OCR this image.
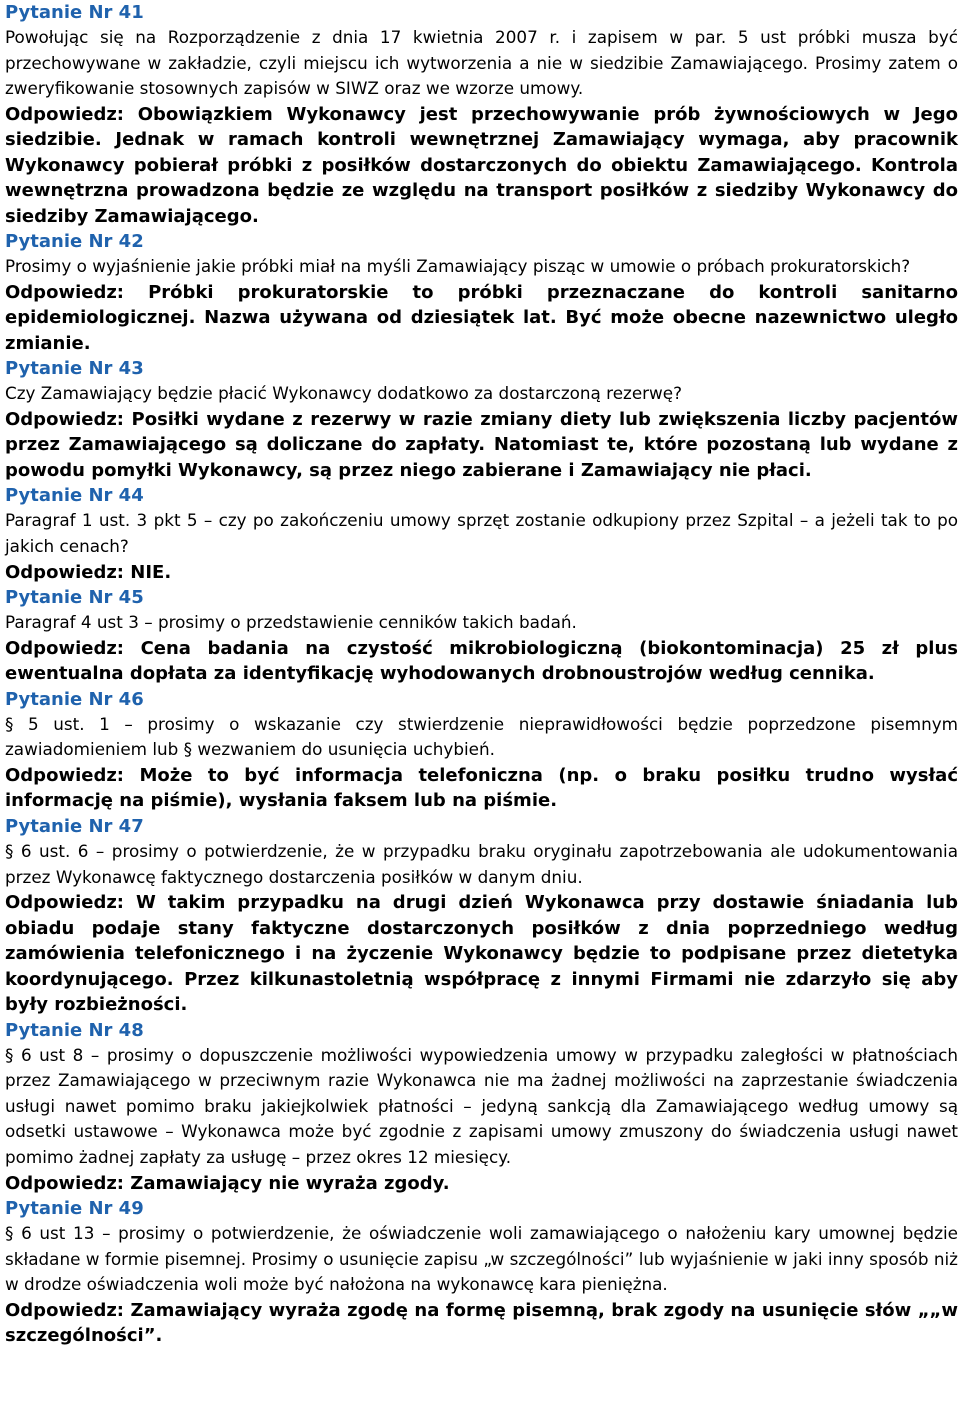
Pytanie Nr 41
Powołując się na Rozporządzenie z dnia 17 kwietnia 2007 r. i zapisem w par. 5 ust próbki musza być przechowywane w zakładzie, czyli miejscu ich wytworzenia a nie w siedzibie Zamawiającego. Prosimy zatem o zweryfikowanie stosownych zapisów w SIWZ oraz we wzorze umowy.
Odpowiedz: Obowiązkiem Wykonawcy jest przechowywanie prób żywnościowych w Jego siedzibie. Jednak w ramach kontroli wewnętrznej Zamawiający wymaga, aby pracownik Wykonawcy pobierał próbki z posiłków dostarczonych do obiektu Zamawiającego. Kontrola wewnętrzna prowadzona będzie ze względu na transport posiłków z siedziby Wykonawcy do siedziby Zamawiającego.
Pytanie Nr 42
Prosimy o wyjaśnienie jakie próbki miał na myśli Zamawiający pisząc w umowie o próbach prokuratorskich?
Odpowiedz: Próbki prokuratorskie to próbki przeznaczane do kontroli sanitarno epidemiologicznej. Nazwa używana od dziesiątek lat. Być może obecne nazewnictwo uległo zmianie.
Pytanie Nr 43
Czy Zamawiający będzie płacić Wykonawcy dodatkowo za dostarczoną rezerwę?
Odpowiedz: Posiłki wydane z rezerwy w razie zmiany diety lub zwiększenia liczby pacjentów przez Zamawiającego są doliczane do zapłaty. Natomiast te, które pozostaną lub wydane z powodu pomyłki Wykonawcy, są przez niego zabierane i Zamawiający nie płaci.
Pytanie Nr 44
Paragraf 1 ust. 3 pkt 5 – czy po zakończeniu umowy sprzęt zostanie odkupiony przez Szpital – a jeżeli tak to po jakich cenach?
Odpowiedz: NIE.
Pytanie Nr 45
Paragraf 4 ust 3 – prosimy o przedstawienie cenników takich badań.
Odpowiedz: Cena badania na czystość mikrobiologiczną (biokontominacja) 25 zł plus ewentualna dopłata za identyfikację wyhodowanych drobnoustrojów według cennika.
Pytanie Nr 46
§ 5 ust. 1 – prosimy o wskazanie czy stwierdzenie nieprawidłowości będzie poprzedzone pisemnym zawiadomieniem lub § wezwaniem do usunięcia uchybień.
Odpowiedz: Może to być informacja telefoniczna (np. o braku posiłku trudno wysłać informację na piśmie), wysłania faksem lub na piśmie.
Pytanie Nr 47
§ 6 ust. 6 – prosimy o potwierdzenie, że w przypadku braku oryginału zapotrzebowania ale udokumentowania przez Wykonawcę faktycznego dostarczenia posiłków w danym dniu.
Odpowiedz: W takim przypadku na drugi dzień Wykonawca przy dostawie śniadania lub obiadu podaje stany faktyczne dostarczonych posiłków z dnia poprzedniego według zamówienia telefonicznego i na życzenie Wykonawcy będzie to podpisane przez dietetyka koordynującego. Przez kilkunastoletnią współpracę z innymi Firmami nie zdarzyło się aby były rozbieżności.
Pytanie Nr 48
§ 6 ust 8 – prosimy o dopuszczenie możliwości wypowiedzenia umowy w przypadku zaległości w płatnościach przez Zamawiającego w przeciwnym razie Wykonawca nie ma żadnej możliwości na zaprzestanie świadczenia usługi nawet pomimo braku jakiejkolwiek płatności – jedyną sankcją dla Zamawiającego według umowy są odsetki ustawowe – Wykonawca może być zgodnie z zapisami umowy zmuszony do świadczenia usługi nawet pomimo żadnej zapłaty za usługę – przez okres 12 miesięcy.
Odpowiedz: Zamawiający nie wyraża zgody.
Pytanie Nr 49
§ 6 ust 13 – prosimy o potwierdzenie, że oświadczenie woli zamawiającego o nałożeniu kary umownej będzie składane w formie pisemnej. Prosimy o usunięcie zapisu „w szczególności” lub wyjaśnienie w jaki inny sposób niż w drodze oświadczenia woli może być nałożona na wykonawcę kara pieniężna.
Odpowiedz: Zamawiający wyraża zgodę na formę pisemną, brak zgody na usunięcie słów „„w szczególności”.
